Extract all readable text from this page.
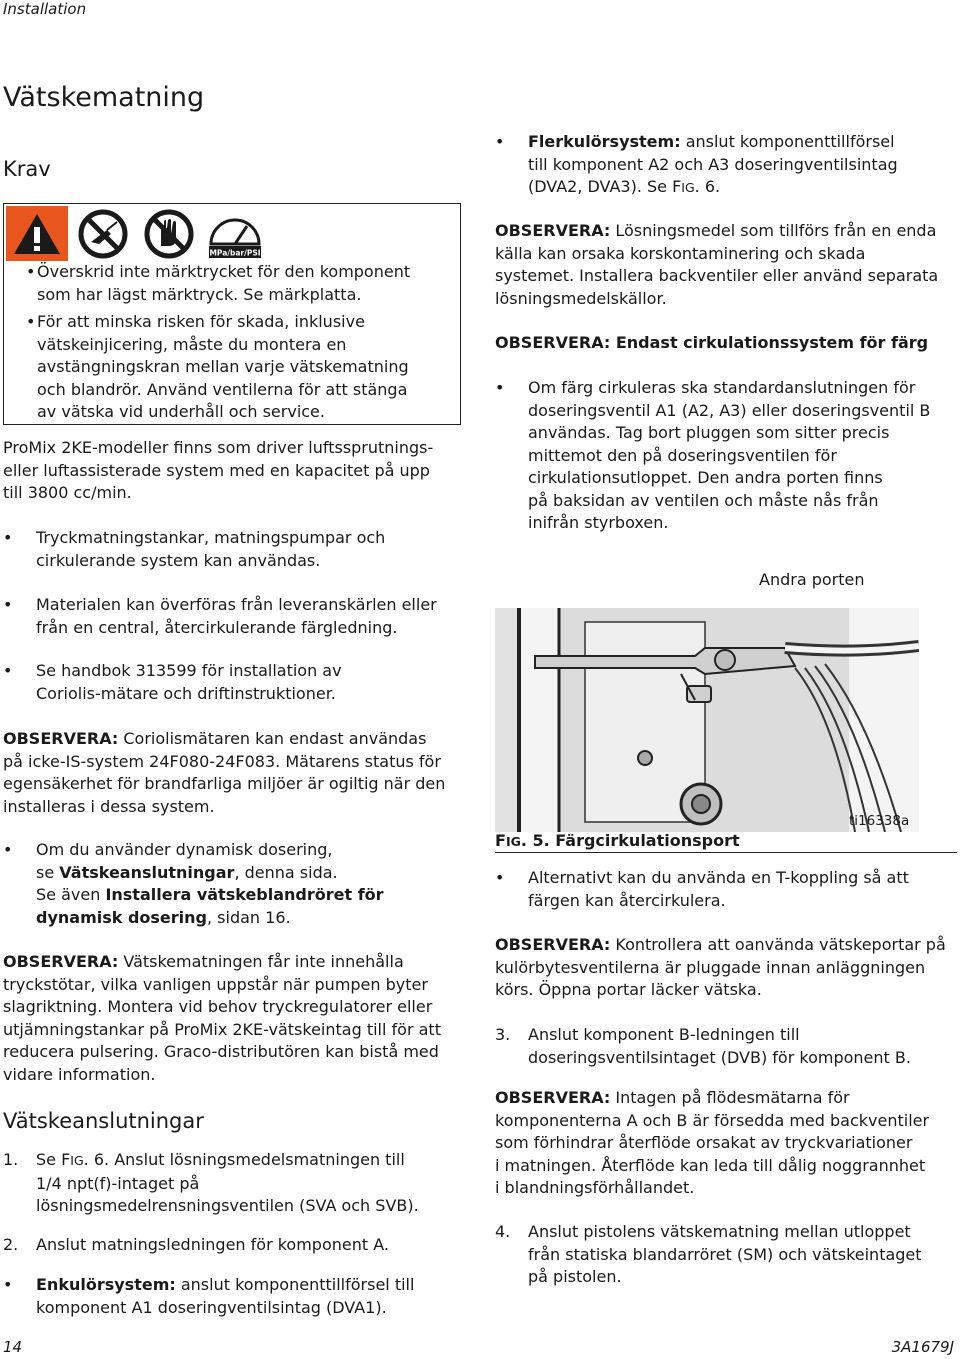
Installation
Vätskematning
Krav
MPa/bar/PSI
• Överskrid inte märktrycket för den komponent
som har lägst märktryck. Se märkplatta.
• För att minska risken för skada, inklusive
vätskeinjicering, måste du montera en
avstängningskran mellan varje vätskematning
och blandrör. Använd ventilerna för att stänga
av vätska vid underhåll och service.
ProMix 2KE-modeller finns som driver luftssprutnings-
eller luftassisterade system med en kapacitet på upp
till 3800 cc/min.
• Tryckmatningstankar, matningspumpar och
cirkulerande system kan användas.
• Materialen kan överföras från leveranskärlen eller
från en central, återcirkulerande färgledning.
• Se handbok 313599 för installation av
Coriolis-mätare och driftinstruktioner.
OBSERVERA: Coriolismätaren kan endast användas
på icke-IS-system 24F080-24F083. Mätarens status för
egensäkerhet för brandfarliga miljöer är ogiltig när den
installeras i dessa system.
• Om du använder dynamisk dosering,
se Vätskeanslutningar, denna sida.
Se även Installera vätskeblandröret för
dynamisk dosering, sidan 16.
OBSERVERA: Vätskematningen får inte innehålla
tryckstötar, vilka vanligen uppstår när pumpen byter
slagriktning. Montera vid behov tryckregulatorer eller
utjämningstankar på ProMix 2KE-vätskeintag till för att
reducera pulsering. Graco-distributören kan bistå med
vidare information.
Vätskeanslutningar
1. Se FIG. 6. Anslut lösningsmedelsmatningen till
1/4 npt(f)-intaget på
lösningsmedelrensningsventilen (SVA och SVB).
2. Anslut matningsledningen för komponent A.
• Enkulörsystem: anslut komponenttillförsel till
komponent A1 doseringventilsintag (DVA1).
• Flerkulörsystem: anslut komponenttillförsel
till komponent A2 och A3 doseringventilsintag
(DVA2, DVA3). Se FIG. 6.
OBSERVERA: Lösningsmedel som tillförs från en enda
källa kan orsaka korskontaminering och skada
systemet. Installera backventiler eller använd separata
lösningsmedelskällor.
OBSERVERA: Endast cirkulationssystem för färg
• Om färg cirkuleras ska standardanslutningen för
doseringsventil A1 (A2, A3) eller doseringsventil B
användas. Tag bort pluggen som sitter precis
mittemot den på doseringsventilen för
cirkulationsutloppet. Den andra porten finns
på baksidan av ventilen och måste nås från
inifrån styrboxen.
Andra porten
ti16338a
FIG. 5. Färgcirkulationsport
• Alternativt kan du använda en T-koppling så att
färgen kan återcirkulera.
OBSERVERA: Kontrollera att oanvända vätskeportar på
kulörbytesventilerna är pluggade innan anläggningen
körs. Öppna portar läcker vätska.
3. Anslut komponent B-ledningen till
doseringsventilsintaget (DVB) för komponent B.
OBSERVERA: Intagen på flödesmätarna för
komponenterna A och B är försedda med backventiler
som förhindrar återflöde orsakat av tryckvariationer
i matningen. Återflöde kan leda till dålig noggrannhet
i blandningsförhållandet.
4. Anslut pistolens vätskematning mellan utloppet
från statiska blandarröret (SM) och vätskeintaget
på pistolen.
14	3A1679J
